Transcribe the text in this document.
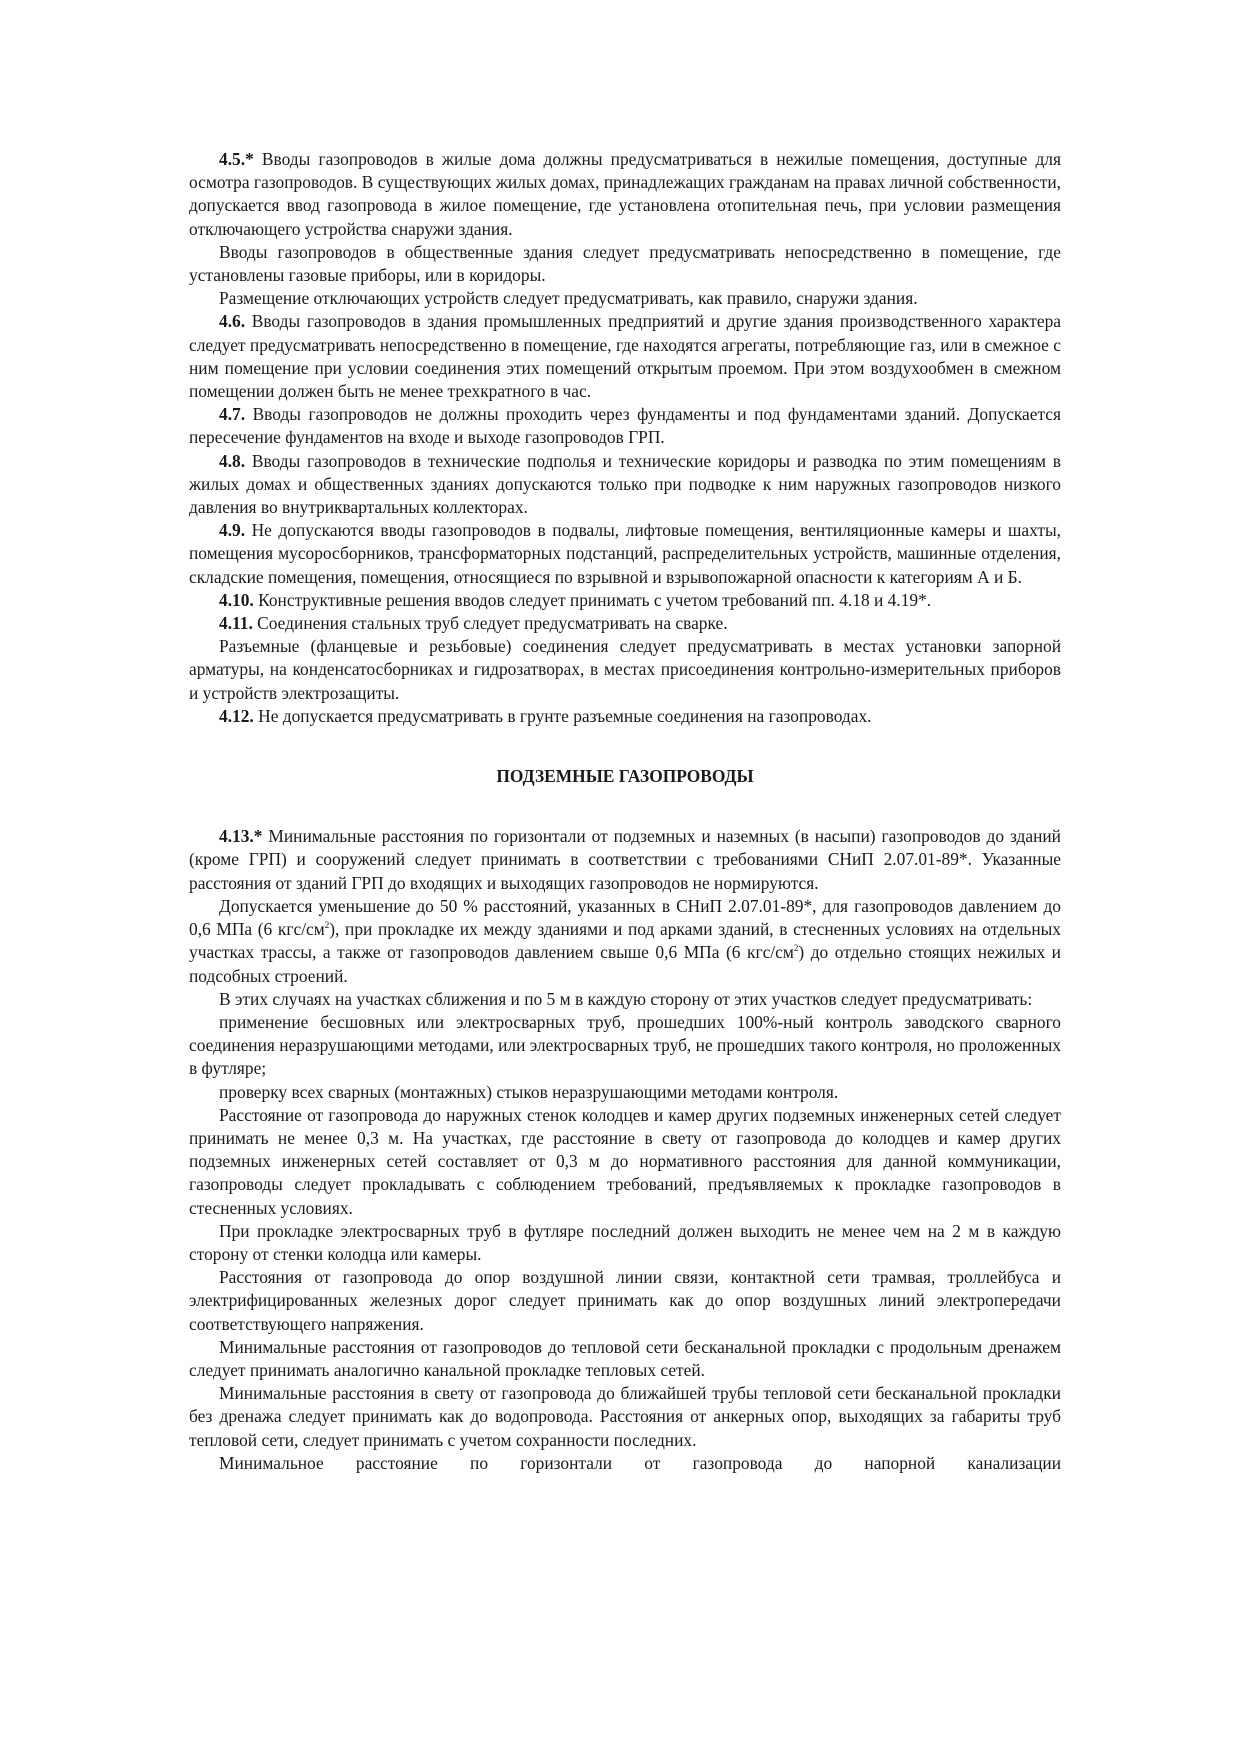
4.5.* Вводы газопроводов в жилые дома должны предусматриваться в нежилые помещения, доступные для осмотра газопроводов. В существующих жилых домах, принадлежащих гражданам на правах личной собственности, допускается ввод газопровода в жилое помещение, где установлена отопительная печь, при условии размещения отключающего устройства снаружи здания.

Вводы газопроводов в общественные здания следует предусматривать непосредственно в помещение, где установлены газовые приборы, или в коридоры.

Размещение отключающих устройств следует предусматривать, как правило, снаружи здания.

4.6. Вводы газопроводов в здания промышленных предприятий и другие здания производственного характера следует предусматривать непосредственно в помещение, где находятся агрегаты, потребляющие газ, или в смежное с ним помещение при условии соединения этих помещений открытым проемом. При этом воздухообмен в смежном помещении должен быть не менее трехкратного в час.

4.7. Вводы газопроводов не должны проходить через фундаменты и под фундаментами зданий. Допускается пересечение фундаментов на входе и выходе газопроводов ГРП.

4.8. Вводы газопроводов в технические подполья и технические коридоры и разводка по этим помещениям в жилых домах и общественных зданиях допускаются только при подводке к ним наружных газопроводов низкого давления во внутриквартальных коллекторах.

4.9. Не допускаются вводы газопроводов в подвалы, лифтовые помещения, вентиляционные камеры и шахты, помещения мусоросборников, трансформаторных подстанций, распределительных устройств, машинные отделения, складские помещения, помещения, относящиеся по взрывной и взрывопожарной опасности к категориям А и Б.

4.10. Конструктивные решения вводов следует принимать с учетом требований пп. 4.18 и 4.19*.

4.11. Соединения стальных труб следует предусматривать на сварке.

Разъемные (фланцевые и резьбовые) соединения следует предусматривать в местах установки запорной арматуры, на конденсатосборниках и гидрозатворах, в местах присоединения контрольно-измерительных приборов и устройств электрозащиты.

4.12. Не допускается предусматривать в грунте разъемные соединения на газопроводах.

ПОДЗЕМНЫЕ ГАЗОПРОВОДЫ

4.13.* Минимальные расстояния по горизонтали от подземных и наземных (в насыпи) газопроводов до зданий (кроме ГРП) и сооружений следует принимать в соответствии с требованиями СНиП 2.07.01-89*. Указанные расстояния от зданий ГРП до входящих и выходящих газопроводов не нормируются.

Допускается уменьшение до 50 % расстояний, указанных в СНиП 2.07.01-89*, для газопроводов давлением до 0,6 МПа (6 кгс/$см^2$), при прокладке их между зданиями и под арками зданий, в стесненных условиях на отдельных участках трассы, а также от газопроводов давлением свыше 0,6 МПа (6 кгс/$см^2$) до отдельно стоящих нежилых и подсобных строений.

В этих случаях на участках сближения и по 5 м в каждую сторону от этих участков следует предусматривать:

применение бесшовных или электросварных труб, прошедших 100%-ный контроль заводского сварного соединения неразрушающими методами, или электросварных труб, не прошедших такого контроля, но проложенных в футляре;

проверку всех сварных (монтажных) стыков неразрушающими методами контроля.

Расстояние от газопровода до наружных стенок колодцев и камер других подземных инженерных сетей следует принимать не менее 0,3 м. На участках, где расстояние в свету от газопровода до колодцев и камер других подземных инженерных сетей составляет от 0,3 м до нормативного расстояния для данной коммуникации, газопроводы следует прокладывать с соблюдением требований, предъявляемых к прокладке газопроводов в стесненных условиях.

При прокладке электросварных труб в футляре последний должен выходить не менее чем на 2 м в каждую сторону от стенки колодца или камеры.

Расстояния от газопровода до опор воздушной линии связи, контактной сети трамвая, троллейбуса и электрифицированных железных дорог следует принимать как до опор воздушных линий электропередачи соответствующего напряжения.

Минимальные расстояния от газопроводов до тепловой сети бесканальной прокладки с продольным дренажем следует принимать аналогично канальной прокладке тепловых сетей.

Минимальные расстояния в свету от газопровода до ближайшей трубы тепловой сети бесканальной прокладки без дренажа следует принимать как до водопровода. Расстояния от анкерных опор, выходящих за габариты труб тепловой сети, следует принимать с учетом сохранности последних.

Минимальное расстояние по горизонтали от газопровода до напорной канализации
